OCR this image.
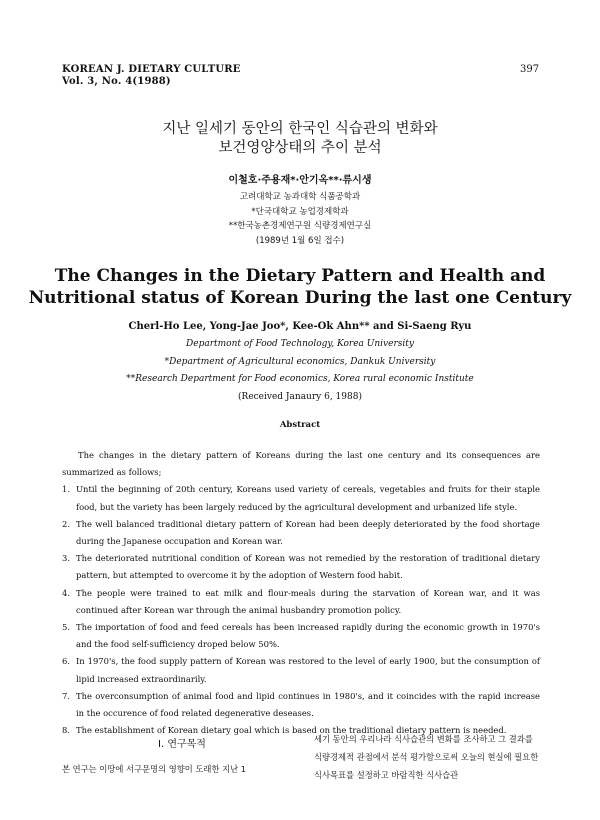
KOREAN J. DIETARY CULTURE
Vol. 3, No. 4(1988)
397
지난 일세기 동안의 한국인 식습관의 변화와
보건영양상태의 추이 분석
이철호·주용재*·안기옥**·류시생
고려대학교 농과대학 식품공학과
*단국대학교 농업경제학과
**한국농촌경제연구원 식량경제연구실
(1989년 1월 6일 접수)
The Changes in the Dietary Pattern and Health and
Nutritional status of Korean During the last one Century
Cherl-Ho Lee, Yong-Jae Joo*, Kee-Ok Ahn** and Si-Saeng Ryu
Departmont of Food Technology, Korea University
*Department of Agricultural economics, Dankuk University
**Research Department for Food economics, Korea rural economic Institute
(Received Janaury 6, 1988)
Abstract

The changes in the dietary pattern of Koreans during the last one century and its consequences are summarized as follows;

1. Until the beginning of 20th century, Koreans used variety of cereals, vegetables and fruits for their staple food, but the variety has been largely reduced by the agricultural development and urbanized life style.
2. The well balanced traditional dietary pattern of Korean had been deeply deteriorated by the food shortage during the Japanese occupation and Korean war.
3. The deteriorated nutritional condition of Korean was not remedied by the restoration of traditional dietary pattern, but attempted to overcome it by the adoption of Western food habit.
4. The people were trained to eat milk and flour-meals during the starvation of Korean war, and it was continued after Korean war through the animal husbandry promotion policy.
5. The importation of food and feed cereals has been increased rapidly during the economic growth in 1970's and the food self-sufficiency droped below 50%.
6. In 1970's, the food supply pattern of Korean was restored to the level of early 1900, but the consumption of lipid increased extraordinarily.
7. The overconsumption of animal food and lipid continues in 1980's, and it coincides with the rapid increase in the occurence of food related degenerative deseases.
8. The establishment of Korean dietary goal which is based on the traditional dietary pattern is needed.
Ⅰ. 연구목적
본 연구는 이땅에 서구문명의 영향이 도래한 지난 1
세기 동안의 우리나라 식사습관의 변화를 조사하고 그 결과를 식량경제적 관점에서 분석 평가함으로써 오늘의 현실에 필요한 식사목표를 설정하고 바람직한 식사습관
